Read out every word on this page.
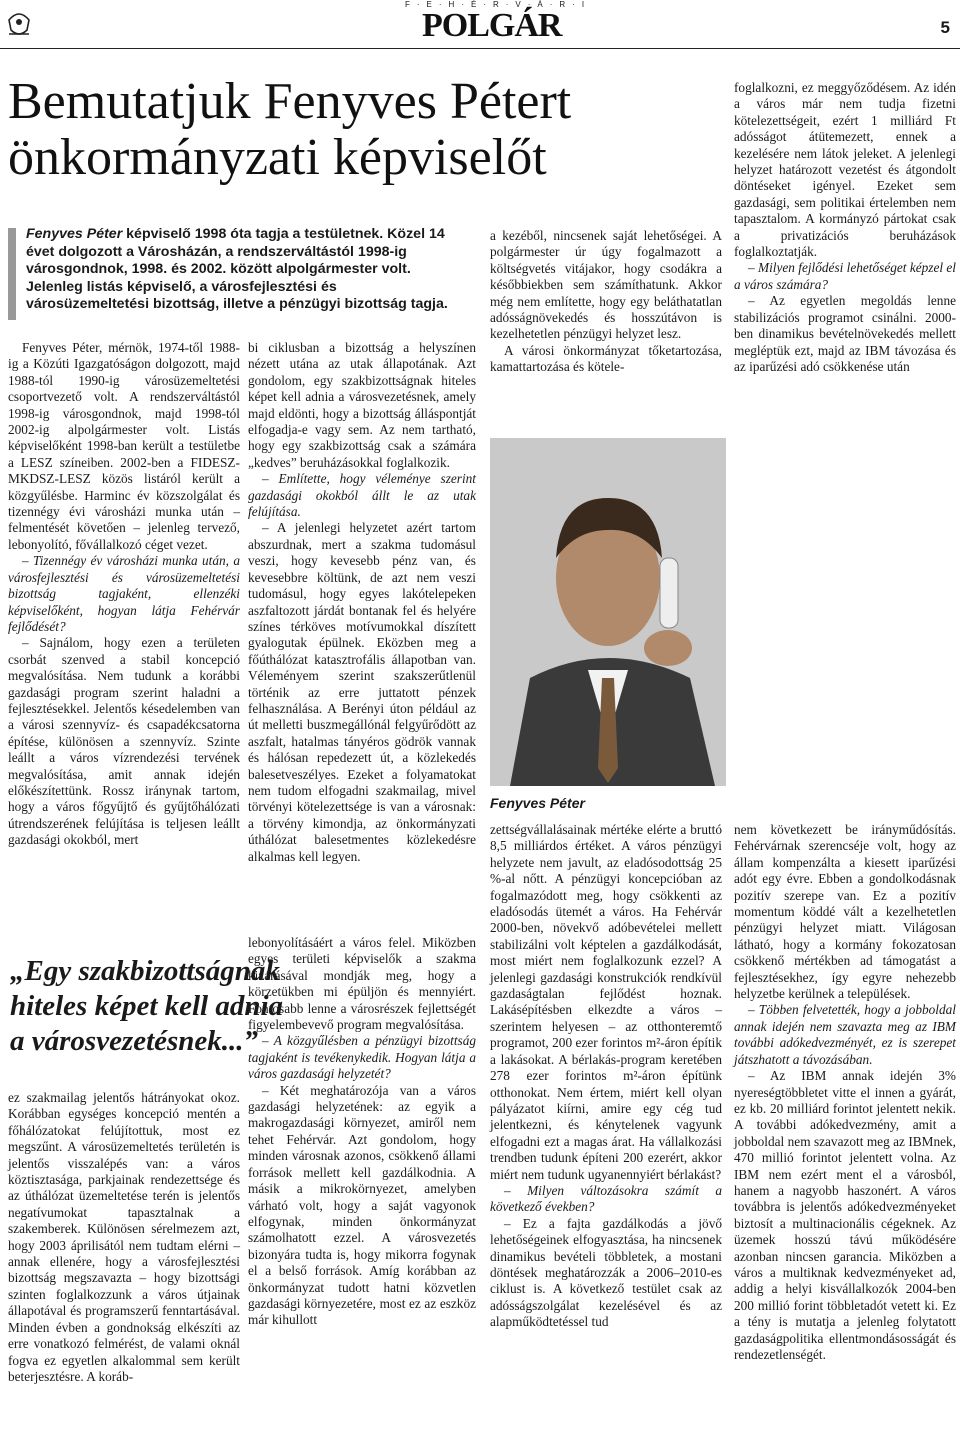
F·E·H·É·R·V·Á·R·I
POLGÁR	5
Bemutatjuk Fenyves Pétert önkormányzati képviselőt
Fenyves Péter képviselő 1998 óta tagja a testületnek. Közel 14 évet dolgozott a Városházán, a rendszerváltástól 1998-ig városgondnok, 1998. és 2002. között alpolgármester volt. Jelenleg listás képviselő, a városfejlesztési és városüzemeltetési bizottság, illetve a pénzügyi bizottság tagja.

Fenyves Péter, mérnök, 1974-től 1988-ig a Közúti Igazgatóságon dolgozott, majd 1988-tól 1990-ig városüzemeltetési csoportvezető volt. A rendszerváltástól 1998-ig városgondnok, majd 1998-tól 2002-ig alpolgármester volt. Listás képviselőként 1998-ban került a testületbe a LESZ színeiben. 2002-ben a FIDESZ-MKDSZ-LESZ közös listáról került a közgyűlésbe. Harminc év közszolgálat és tizennégy évi városházi munka után – felmentését követően – jelenleg tervező, lebonyolító, fővállalkozó céget vezet.

– Tizennégy év városházi munka után, a városfejlesztési és városüzemeltetési bizottság tagjaként, ellenzéki képviselőként, hogyan látja Fehérvár fejlődését?

– Sajnálom, hogy ezen a területen csorbát szenved a stabil koncepció megvalósítása. Nem tudunk a korábbi gazdasági program szerint haladni a fejlesztésekkel. Jelentős késedelemben van a városi szennyvíz- és csapadékcsatorna építése, különösen a szennyvíz. Szinte leállt a város vízrendezési tervének megvalósítása, amit annak idején előkészítettünk. Rossz iránynak tartom, hogy a város főgyűjtő és gyűjtőhálózati útrendszerének felújítása is teljesen leállt gazdasági okokból, mert

„Egy szakbizottságnak hiteles képet kell adnia a városvezetésnek...”

ez szakmailag jelentős hátrányokat okoz. Korábban egységes koncepció mentén a főhálózatokat felújítottuk, most ez megszűnt. A városüzemeltetés területén is jelentős visszalépés van: a város köztisztasága, parkjainak rendezettsége és az úthálózat üzemeltetése terén is jelentős negatívumokat tapasztalnak a szakemberek. Különösen sérelmezem azt, hogy 2003 áprilisától nem tudtam elérni – annak ellenére, hogy a városfejlesztési bizottság megszavazta – hogy bizottsági szinten foglalkozzunk a város útjainak állapotával és programszerű fenntartásával. Minden évben a gondnokság elkészíti az erre vonatkozó felmérést, de valami oknál fogva ez egyetlen alkalommal sem került beterjesztésre. A koráb-

bi ciklusban a bizottság a helyszínen nézett utána az utak állapotának. Azt gondolom, egy szakbizottságnak hiteles képet kell adnia a városvezetésnek, amely majd eldönti, hogy a bizottság álláspontját elfogadja-e vagy sem. Az nem tartható, hogy egy szakbizottság csak a számára „kedves” beruházásokkal foglalkozik.

– Említette, hogy véleménye szerint gazdasági okokból állt le az utak felújítása.

– A jelenlegi helyzetet azért tartom abszurdnak, mert a szakma tudomásul veszi, hogy kevesebb pénz van, és kevesebbre költünk, de azt nem veszi tudomásul, hogy egyes lakótelepeken aszfaltozott járdát bontanak fel és helyére színes térköves motívumokkal díszített gyalogutak épülnek. Eközben meg a főúthálózat katasztrofális állapotban van. Véleményem szerint szakszerűtlenül történik az erre juttatott pénzek felhasználása. A Berényi úton például az út melletti buszmegállónál felgyűrődött az aszfalt, hatalmas tányéros gödrök vannak és hálósan repedezett út, a közlekedés balesetveszélyes. Ezeket a folyamatokat nem tudom elfogadni szakmailag, mivel törvényi kötelezettsége is van a városnak: a törvény kimondja, az önkormányzati úthálózat balesetmentes közlekedésre alkalmas kell legyen.

lebonyolításáért a város felel. Miközben egyes területi képviselők a szakma kizárásával mondják meg, hogy a körzetükben mi épüljön és mennyiért. Fontosabb lenne a városrészek fejlettségét figyelembevevő program megvalósítása.

– A közgyűlésben a pénzügyi bizottság tagjaként is tevékenykedik. Hogyan látja a város gazdasági helyzetét?

– Két meghatározója van a város gazdasági helyzetének: az egyik a makrogazdasági környezet, amiről nem tehet Fehérvár. Azt gondolom, hogy minden városnak azonos, csökkenő állami források mellett kell gazdálkodnia. A másik a mikrokörnyezet, amelyben várható volt, hogy a saját vagyonok elfogynak, minden önkormányzat számolhatott ezzel. A városvezetés bizonyára tudta is, hogy mikorra fogynak el a belső források. Amíg korábban az önkormányzat tudott hatni közvetlen gazdasági környezetére, most ez az eszköz már kihullott

a kezéből, nincsenek saját lehetőségei. A polgármester úr úgy fogalmazott a költségvetés vitájakor, hogy csodákra a későbbiekben sem számíthatunk. Akkor még nem említette, hogy egy beláthatatlan adósságnövekedés és hosszútávon is kezelhetetlen pénzügyi helyzet lesz.

A városi önkormányzat tőketartozása, kamattartozása és kötele-

Fenyves Péter

zettségvállalásainak mértéke elérte a bruttó 8,5 milliárdos értéket. A város pénzügyi helyzete nem javult, az eladósodottság 25 %-al nőtt. A pénzügyi koncepcióban az fogalmazódott meg, hogy csökkenti az eladósodás ütemét a város. Ha Fehérvár 2000-ben, növekvő adóbevételei mellett stabilizálni volt képtelen a gazdálkodását, most miért nem foglalkozunk ezzel? A jelenlegi gazdasági konstrukciók rendkívül gazdaságtalan fejlődést hoznak. Lakásépítésben elkezdte a város – szerintem helyesen – az otthonteremtő programot, 200 ezer forintos m²-áron építik a lakásokat. A bérlakás-program keretében 278 ezer forintos m²-áron építünk otthonokat. Nem értem, miért kell olyan pályázatot kiírni, amire egy cég tud jelentkezni, és kénytelenek vagyunk elfogadni ezt a magas árat. Ha vállalkozási trendben tudunk építeni 200 ezerért, akkor miért nem tudunk ugyanennyiért bérlakást?

– Milyen változásokra számít a következő években?

– Ez a fajta gazdálkodás a jövő lehetőségeinek elfogyasztása, ha nincsenek dinamikus bevételi többletek, a mostani döntések meghatározzák a 2006–2010-es ciklust is. A következő testület csak az adósságszolgálat kezelésével és az alapműködtetéssel tud

foglalkozni, ez meggyőződésem. Az idén a város már nem tudja fizetni kötelezettségeit, ezért 1 milliárd Ft adósságot átütemezett, ennek a kezelésére nem látok jeleket. A jelenlegi helyzet határozott vezetést és átgondolt döntéseket igényel. Ezeket sem gazdasági, sem politikai értelemben nem tapasztalom. A kormányzó pártokat csak a privatizációs beruházások foglalkoztatják.

– Milyen fejlődési lehetőséget képzel el a város számára?

– Az egyetlen megoldás lenne stabilizációs programot csinálni. 2000-ben dinamikus bevételnövekedés mellett megléptük ezt, majd az IBM távozása és az iparűzési adó csökkenése után

nem következett be irányműdósítás. Fehérvárnak szerencséje volt, hogy az állam kompenzálta a kiesett iparűzési adót egy évre. Ebben a gondolkodásnak pozitív szerepe van. Ez a pozitív momentum köddé vált a kezelhetetlen pénzügyi helyzet miatt. Világosan látható, hogy a kormány fokozatosan csökkenő mértékben ad támogatást a fejlesztésekhez, így egyre nehezebb helyzetbe kerülnek a települések.

– Többen felvetették, hogy a jobboldal annak idején nem szavazta meg az IBM további adókedvezményét, ez is szerepet játszhatott a távozásában.

– Az IBM annak idején 3% nyereségtöbbletet vitte el innen a gyárát, ez kb. 20 milliárd forintot jelentett nekik. A további adókedvezmény, amit a jobboldal nem szavazott meg az IBMnek, 470 millió forintot jelentett volna. Az IBM nem ezért ment el a városból, hanem a nagyobb haszonért. A város továbbra is jelentős adókedvezményeket biztosít a multinacionális cégeknek. Az üzemek hosszú távú működésére azonban nincsen garancia. Miközben a város a multiknak kedvezményeket ad, addig a helyi kisvállalkozók 2004-ben 200 millió forint többletadót vetett ki. Ez a tény is mutatja a jelenleg folytatott gazdaságpolitika ellentmondásosságát és rendezetlenségét.
